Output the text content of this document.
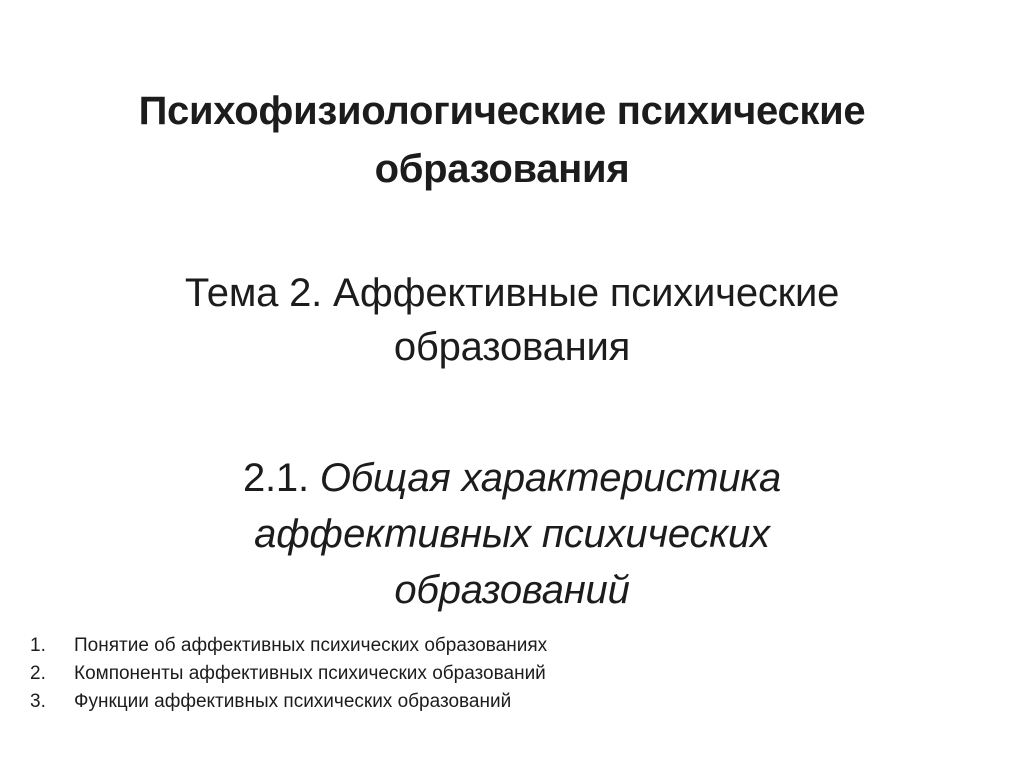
Психофизиологические психические
образования
Тема 2. Аффективные психические
образования
2.1. Общая характеристика
аффективных психических
образований
1.	Понятие об аффективных психических образованиях
2.	Компоненты аффективных психических образований
3.	Функции аффективных психических образований
